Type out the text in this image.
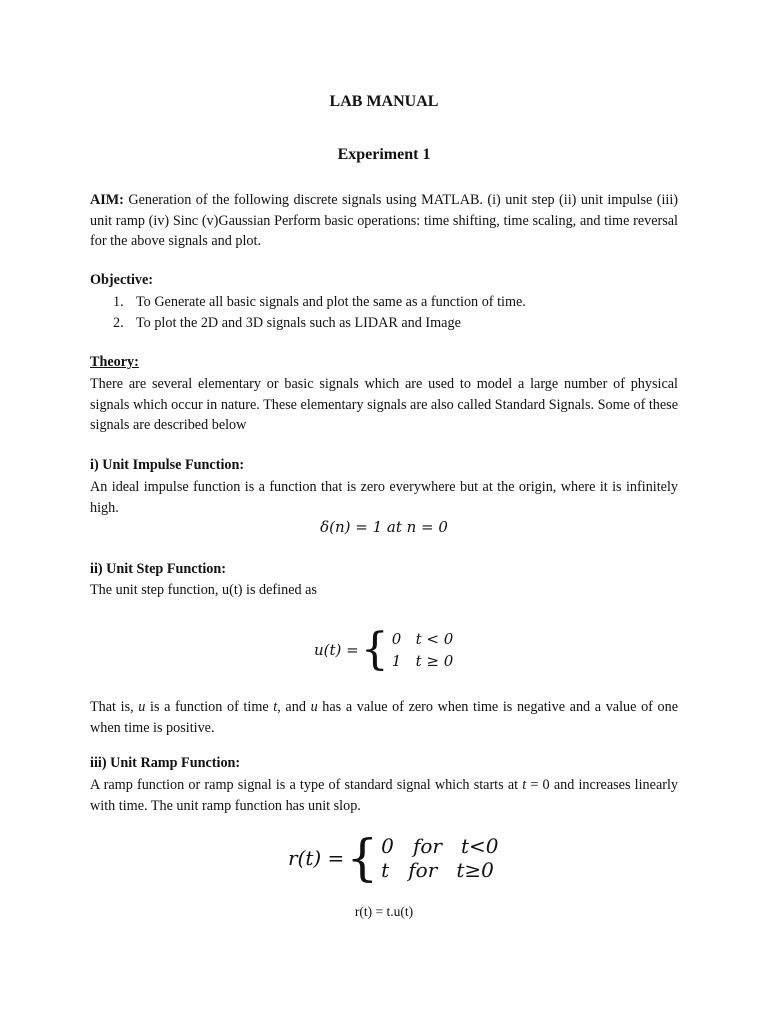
LAB MANUAL
Experiment 1
AIM: Generation of the following discrete signals using MATLAB. (i) unit step (ii) unit impulse (iii) unit ramp (iv) Sinc (v)Gaussian Perform basic operations: time shifting, time scaling, and time reversal for the above signals and plot.
Objective:
1. To Generate all basic signals and plot the same as a function of time.
2. To plot the 2D and 3D signals such as LIDAR and Image
Theory:
There are several elementary or basic signals which are used to model a large number of physical signals which occur in nature. These elementary signals are also called Standard Signals. Some of these signals are described below
i) Unit Impulse Function:
An ideal impulse function is a function that is zero everywhere but at the origin, where it is infinitely high.
δ(n) = 1 at n = 0
ii) Unit Step Function:
The unit step function, u(t) is defined as
u(t) = { 0   t < 0
1   t ≥ 0
That is, u is a function of time t, and u has a value of zero when time is negative and a value of one when time is positive.
iii) Unit Ramp Function:
A ramp function or ramp signal is a type of standard signal which starts at t = 0 and increases linearly with time. The unit ramp function has unit slop.
r(t) = { 0   for   t<0
t   for   t≥0
r(t) = t.u(t)
